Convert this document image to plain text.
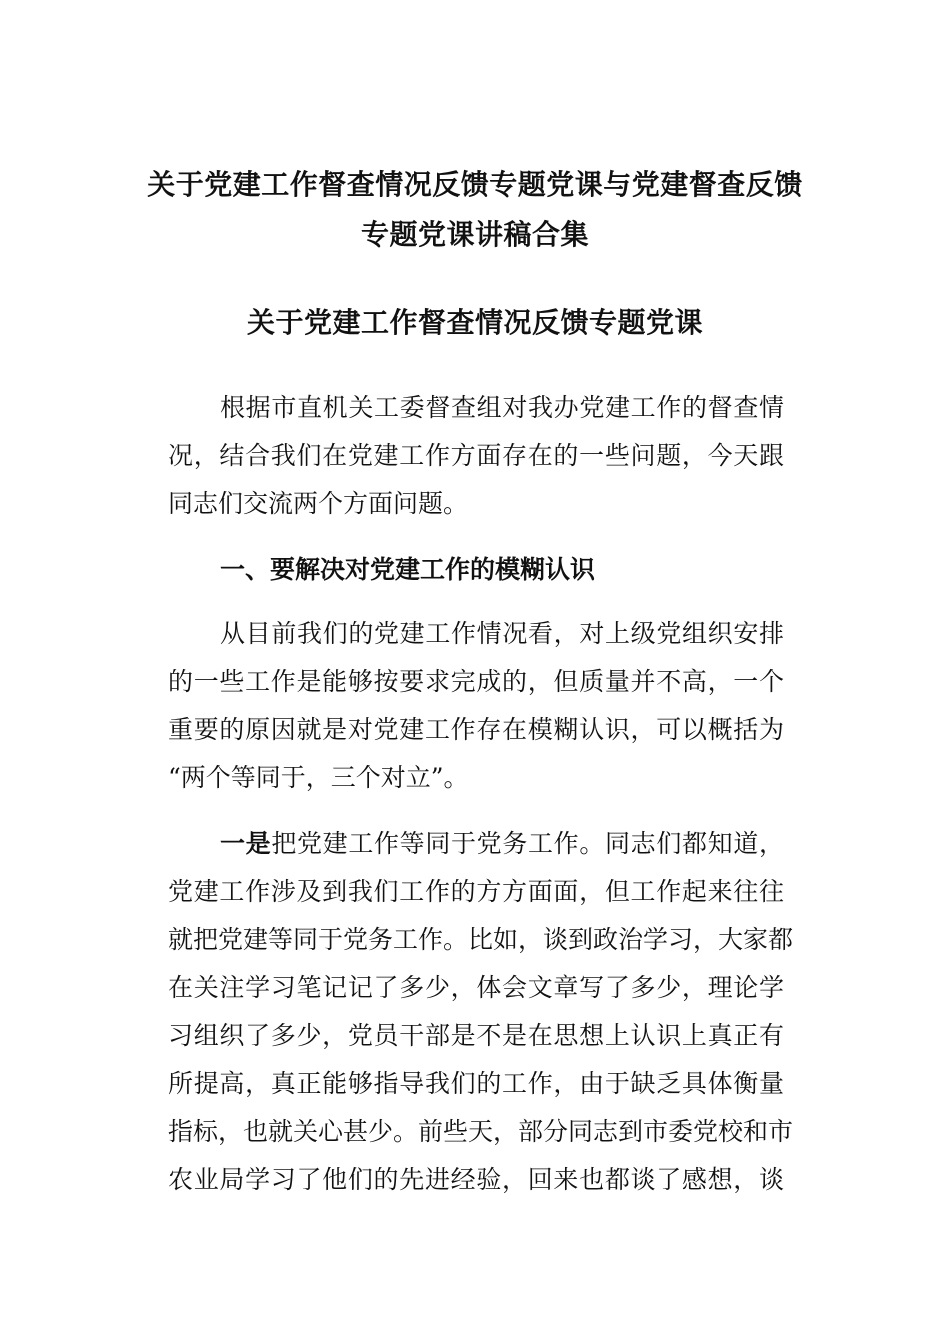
关于党建工作督查情况反馈专题党课与党建督查反馈
专题党课讲稿合集
关于党建工作督查情况反馈专题党课
根据市直机关工委督查组对我办党建工作的督查情
况，结合我们在党建工作方面存在的一些问题，今天跟
同志们交流两个方面问题。
一、要解决对党建工作的模糊认识
从目前我们的党建工作情况看，对上级党组织安排
的一些工作是能够按要求完成的，但质量并不高，一个
重要的原因就是对党建工作存在模糊认识，可以概括为
“两个等同于，三个对立”。
一是把党建工作等同于党务工作。同志们都知道，
党建工作涉及到我们工作的方方面面，但工作起来往往
就把党建等同于党务工作。比如，谈到政治学习，大家都
在关注学习笔记记了多少，体会文章写了多少，理论学
习组织了多少，党员干部是不是在思想上认识上真正有
所提高，真正能够指导我们的工作，由于缺乏具体衡量
指标，也就关心甚少。前些天，部分同志到市委党校和市
农业局学习了他们的先进经验，回来也都谈了感想，谈
